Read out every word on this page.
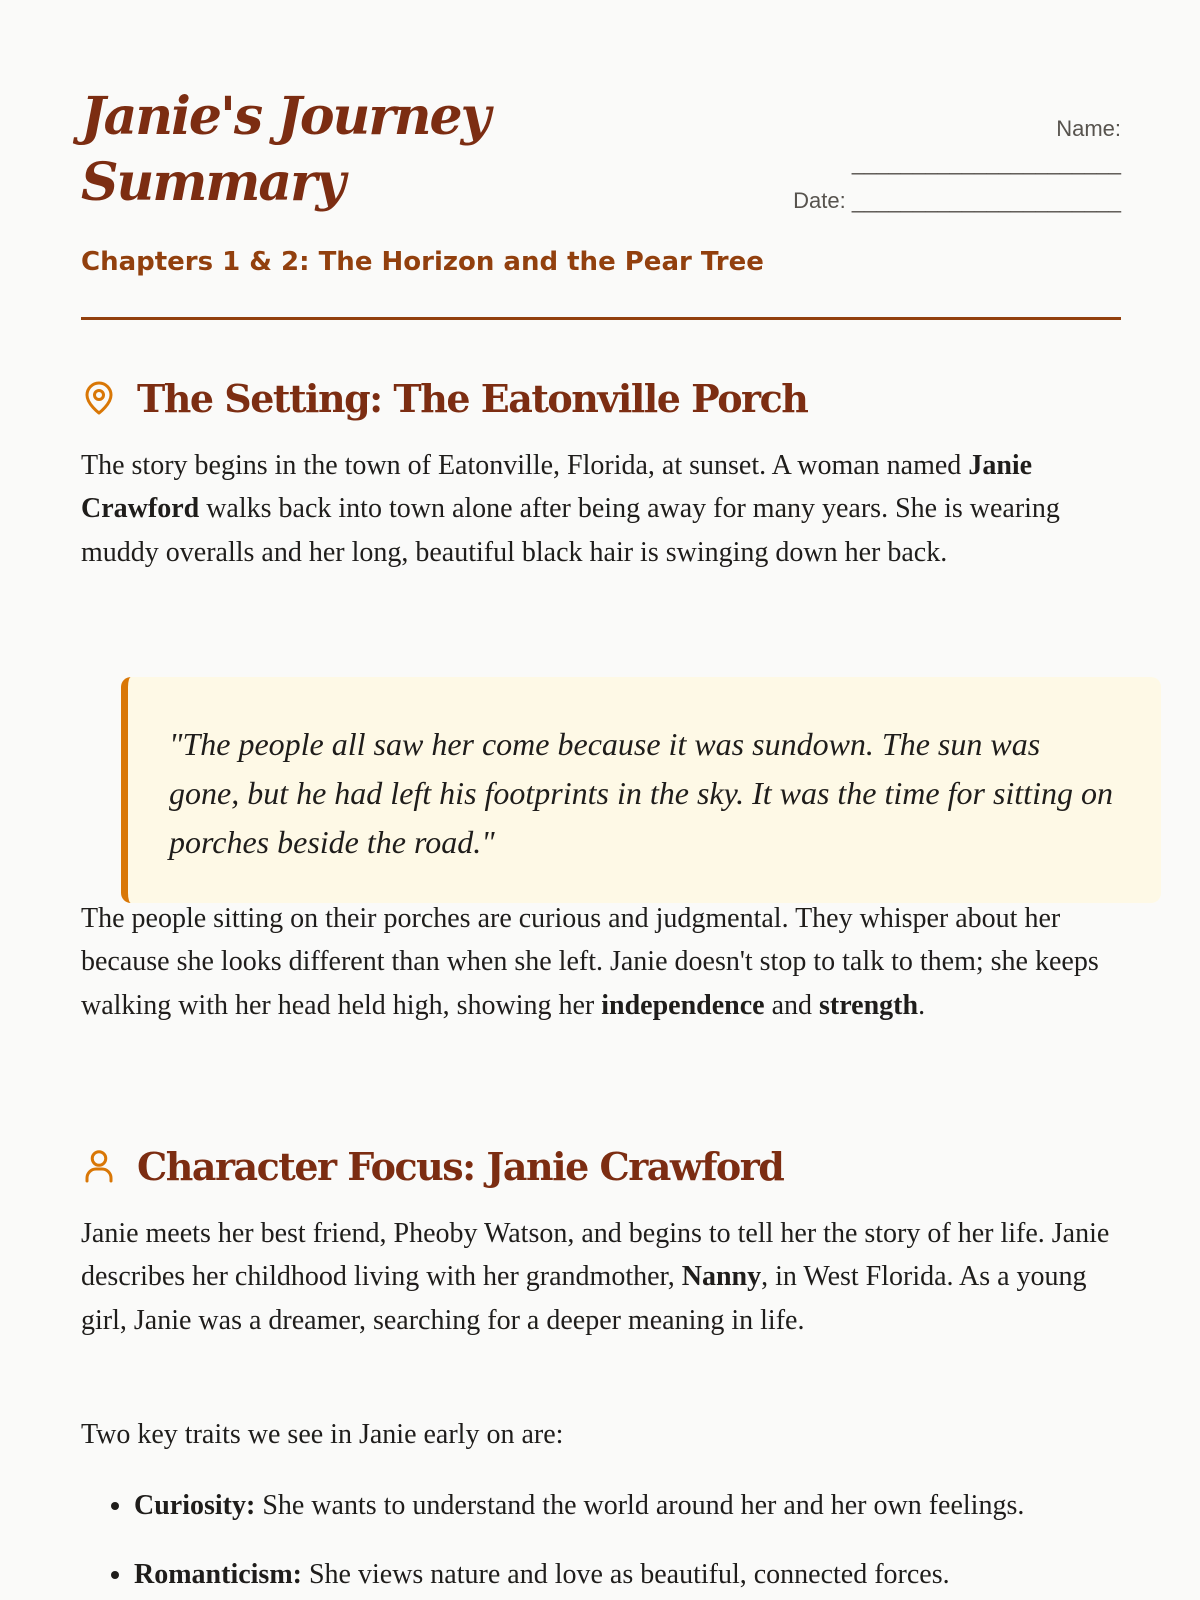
Janie's Journey Summary
Name:
______________________
Date: ______________________
Chapters 1 & 2: The Horizon and the Pear Tree
The Setting: The Eatonville Porch

The story begins in the town of Eatonville, Florida, at sunset. A woman named Janie Crawford walks back into town alone after being away for many years. She is wearing muddy overalls and her long, beautiful black hair is swinging down her back.

"The people all saw her come because it was sundown. The sun was gone, but he had left his footprints in the sky. It was the time for sitting on porches beside the road."

The people sitting on their porches are curious and judgmental. They whisper about her because she looks different than when she left. Janie doesn't stop to talk to them; she keeps walking with her head held high, showing her independence and strength.

Character Focus: Janie Crawford

Janie meets her best friend, Pheoby Watson, and begins to tell her the story of her life. Janie describes her childhood living with her grandmother, Nanny, in West Florida. As a young girl, Janie was a dreamer, searching for a deeper meaning in life.

Two key traits we see in Janie early on are:

• Curiosity: She wants to understand the world around her and her own feelings.
• Romanticism: She views nature and love as beautiful, connected forces.
